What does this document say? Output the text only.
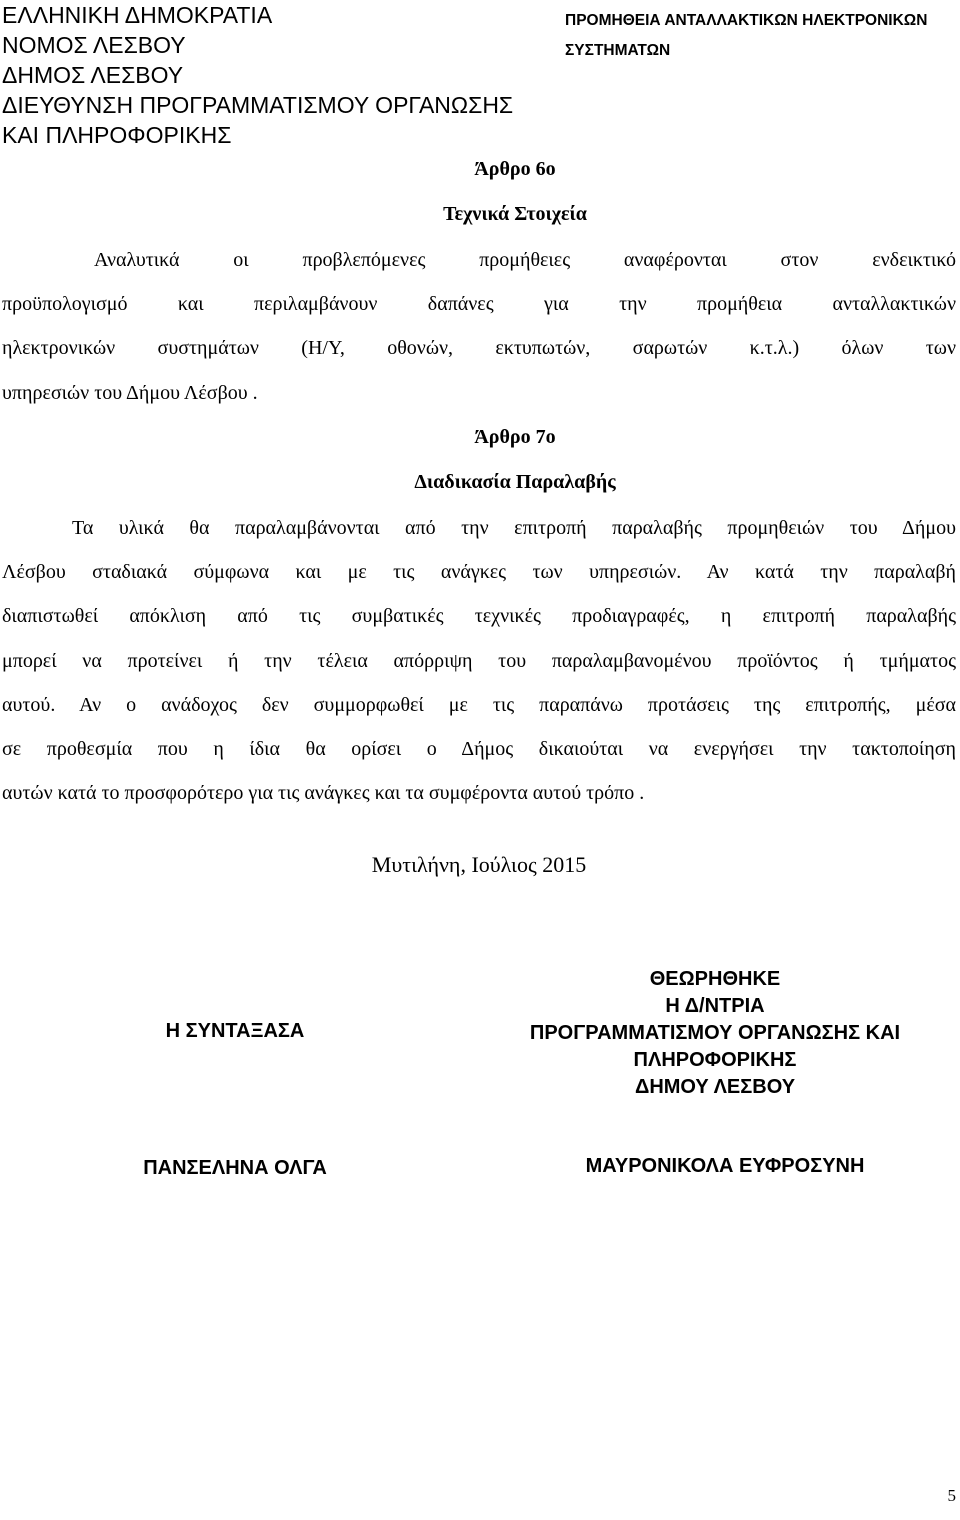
ΕΛΛΗΝΙΚΗ ΔΗΜΟΚΡΑΤΙΑ
ΝΟΜΟΣ ΛΕΣΒΟΥ
ΔΗΜΟΣ ΛΕΣΒΟΥ
ΔΙΕΥΘΥΝΣΗ ΠΡΟΓΡΑΜΜΑΤΙΣΜΟΥ ΟΡΓΑΝΩΣΗΣ
ΚΑΙ ΠΛΗΡΟΦΟΡΙΚΗΣ
ΠΡΟΜΗΘΕΙΑ ΑΝΤΑΛΛΑΚΤΙΚΩΝ ΗΛΕΚΤΡΟΝΙΚΩΝ
ΣΥΣΤΗΜΑΤΩΝ
Άρθρο 6ο
Τεχνικά Στοιχεία
Αναλυτικά οι προβλεπόμενες προμήθειες αναφέρονται στον ενδεικτικό
προϋπολογισμό και περιλαμβάνουν δαπάνες για την προμήθεια ανταλλακτικών
ηλεκτρονικών συστημάτων (Η/Υ, οθονών, εκτυπωτών, σαρωτών κ.τ.λ.) όλων των
υπηρεσιών του Δήμου Λέσβου .
Άρθρο 7ο
Διαδικασία Παραλαβής
Τα υλικά θα παραλαμβάνονται από την επιτροπή παραλαβής προμηθειών του Δήμου
Λέσβου σταδιακά σύμφωνα και με τις ανάγκες των υπηρεσιών. Αν κατά την παραλαβή
διαπιστωθεί απόκλιση από τις συμβατικές τεχνικές προδιαγραφές, η επιτροπή παραλαβής
μπορεί να προτείνει ή την τέλεια απόρριψη του παραλαμβανομένου προϊόντος ή τμήματος
αυτού. Αν ο ανάδοχος δεν συμμορφωθεί με τις παραπάνω προτάσεις της επιτροπής, μέσα
σε προθεσμία που η ίδια θα ορίσει ο Δήμος δικαιούται να ενεργήσει την τακτοποίηση
αυτών κατά το προσφορότερο για τις ανάγκες και τα συμφέροντα αυτού τρόπο .
Μυτιλήνη, Ιούλιος 2015
Η ΣΥΝΤΑΞΑΣΑ
ΘΕΩΡΗΘΗΚΕ
Η Δ/ΝΤΡΙΑ
ΠΡΟΓΡΑΜΜΑΤΙΣΜΟΥ ΟΡΓΑΝΩΣΗΣ ΚΑΙ
ΠΛΗΡΟΦΟΡΙΚΗΣ
ΔΗΜΟΥ ΛΕΣΒΟΥ
ΠΑΝΣΕΛΗΝΑ ΟΛΓΑ	ΜΑΥΡΟΝΙΚΟΛΑ ΕΥΦΡΟΣΥΝΗ
5
